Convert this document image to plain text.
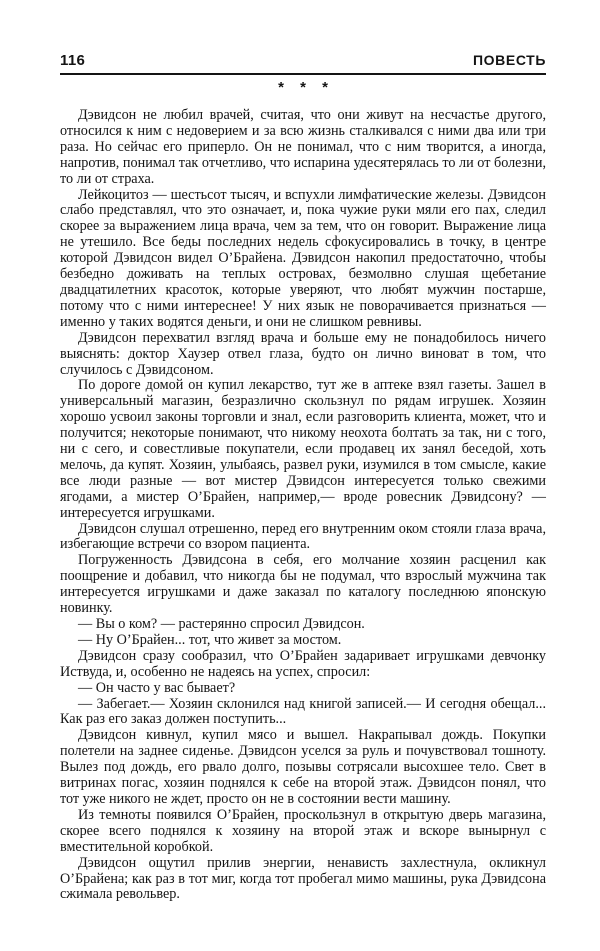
116	ПОВЕСТЬ
* * *

Дэвидсон не любил врачей, считая, что они живут на несчастье другого, относился к ним с недоверием и за всю жизнь сталкивался с ними два или три раза. Но сейчас его приперло. Он не понимал, что с ним творится, а иногда, напротив, понимал так отчетливо, что испарина удесятерялась то ли от болезни, то ли от страха.

Лейкоцитоз — шестьсот тысяч, и вспухли лимфатические железы. Дэвидсон слабо представлял, что это означает, и, пока чужие руки мяли его пах, следил скорее за выражением лица врача, чем за тем, что он говорит. Выражение лица не утешило. Все беды последних недель сфокусировались в точку, в центре которой Дэвидсон видел О’Брайена. Дэвидсон накопил предостаточно, чтобы безбедно доживать на теплых островах, безмолвно слушая щебетание двадцатилетних красоток, которые уверяют, что любят мужчин постарше, потому что с ними интереснее! У них язык не поворачивается признаться — именно у таких водятся деньги, и они не слишком ревнивы.

Дэвидсон перехватил взгляд врача и больше ему не понадобилось ничего выяснять: доктор Хаузер отвел глаза, будто он лично виноват в том, что случилось с Дэвидсоном.

По дороге домой он купил лекарство, тут же в аптеке взял газеты. Зашел в универсальный магазин, безразлично скользнул по рядам игрушек. Хозяин хорошо усвоил законы торговли и знал, если разговорить клиента, может, что и получится; некоторые понимают, что никому неохота болтать за так, ни с того, ни с сего, и совестливые покупатели, если продавец их занял беседой, хоть мелочь, да купят. Хозяин, улыбаясь, развел руки, изумился в том смысле, какие все люди разные — вот мистер Дэвидсон интересуется только свежими ягодами, а мистер О’Брайен, например,— вроде ровесник Дэвидсону? — интересуется игрушками.

Дэвидсон слушал отрешенно, перед его внутренним оком стояли глаза врача, избегающие встречи со взором пациента.

Погруженность Дэвидсона в себя, его молчание хозяин расценил как поощрение и добавил, что никогда бы не подумал, что взрослый мужчина так интересуется игрушками и даже заказал по каталогу последнюю японскую новинку.

— Вы о ком? — растерянно спросил Дэвидсон.

— Ну О’Брайен... тот, что живет за мостом.

Дэвидсон сразу сообразил, что О’Брайен задаривает игрушками девчонку Иствуда, и, особенно не надеясь на успех, спросил:

— Он часто у вас бывает?

— Забегает.— Хозяин склонился над книгой записей.— И сегодня обещал... Как раз его заказ должен поступить...

Дэвидсон кивнул, купил мясо и вышел. Накрапывал дождь. Покупки полетели на заднее сиденье. Дэвидсон уселся за руль и почувствовал тошноту. Вылез под дождь, его рвало долго, позывы сотрясали высохшее тело. Свет в витринах погас, хозяин поднялся к себе на второй этаж. Дэвидсон понял, что тот уже никого не ждет, просто он не в состоянии вести машину.

Из темноты появился О’Брайен, проскользнул в открытую дверь магазина, скорее всего поднялся к хозяину на второй этаж и вскоре вынырнул с вместительной коробкой.

Дэвидсон ощутил прилив энергии, ненависть захлестнула, окликнул О’Брайена; как раз в тот миг, когда тот пробегал мимо машины, рука Дэвидсона сжимала револьвер.
